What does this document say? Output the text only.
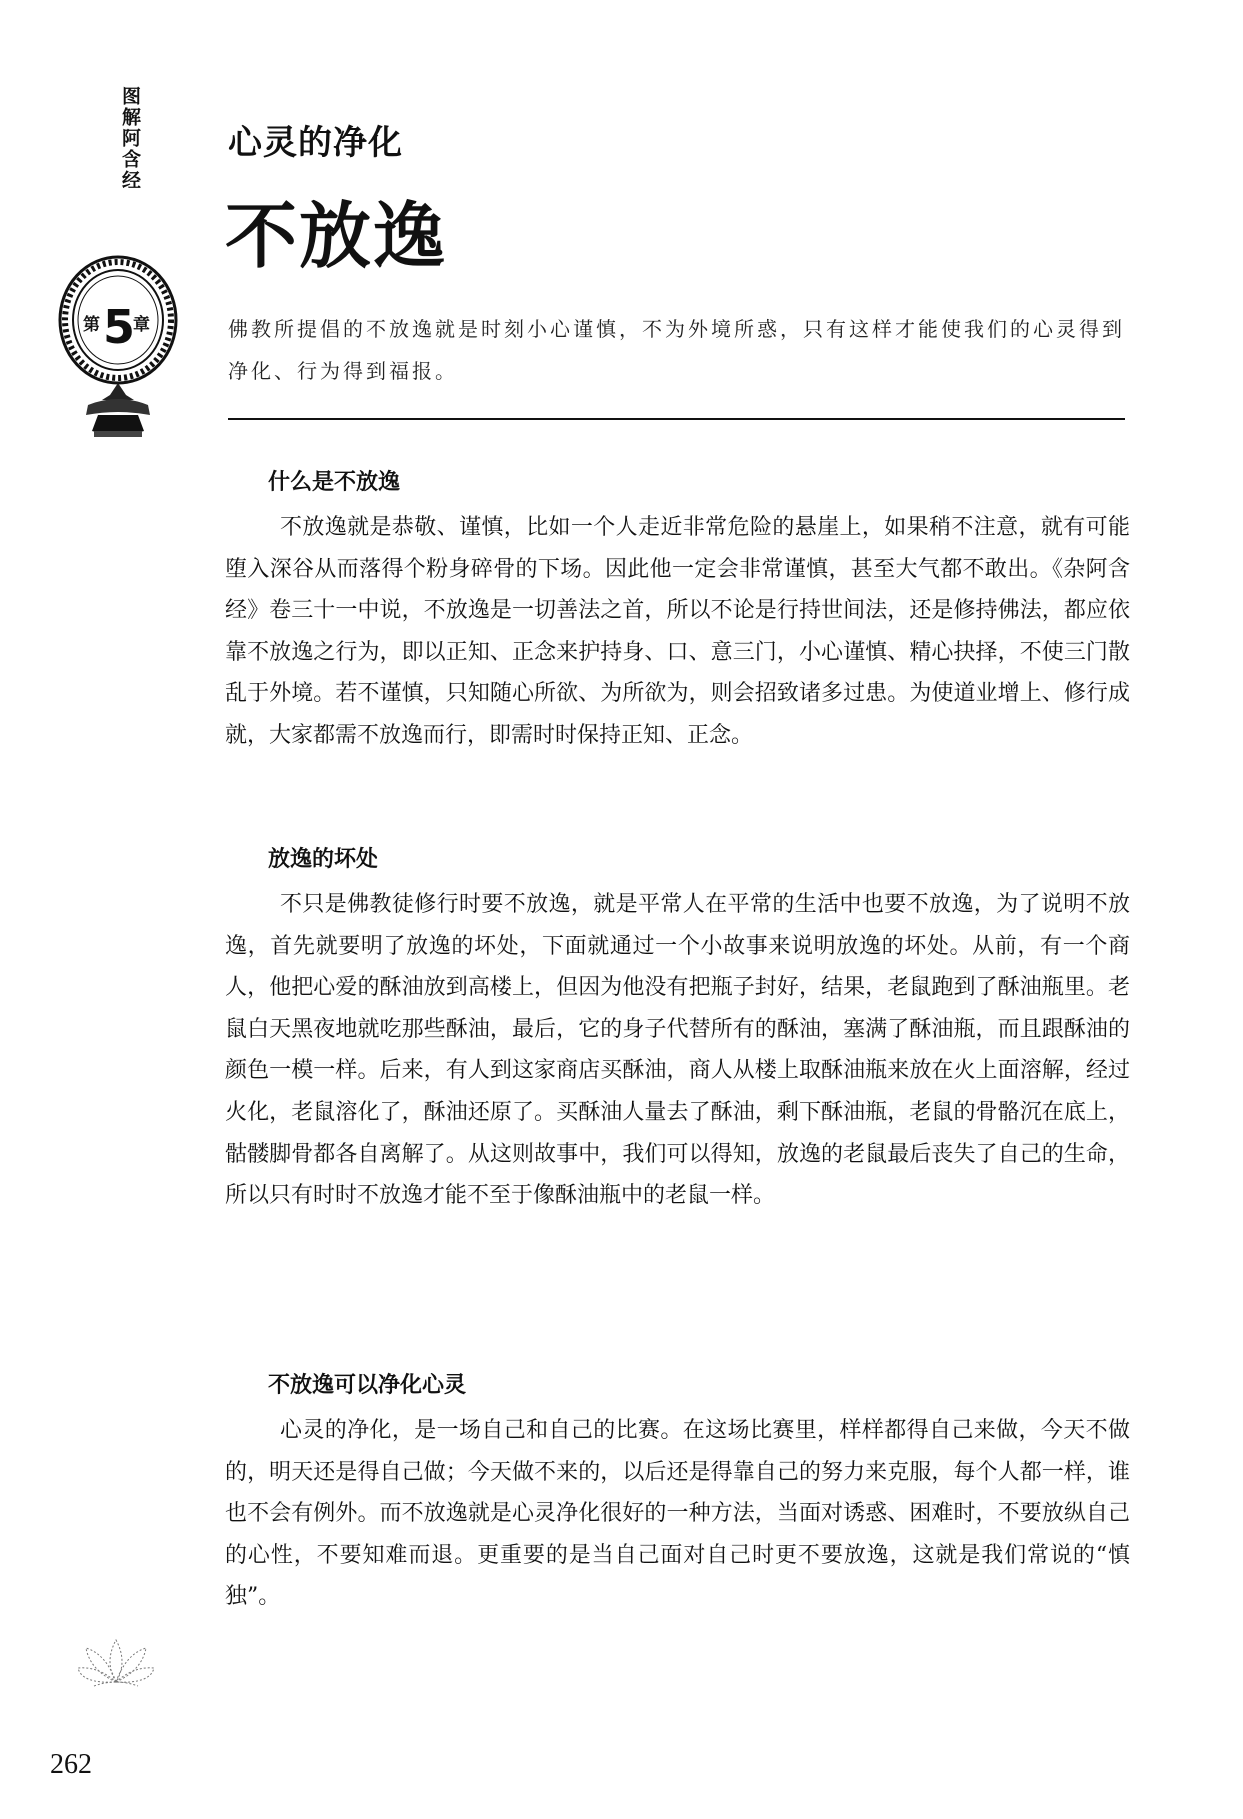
图解阿含经
第 5
章
心灵的净化
不放逸
佛教所提倡的不放逸就是时刻小心谨慎，不为外境所惑，只有这样才能使我们的心灵得到净化、行为得到福报。
什么是不放逸

不放逸就是恭敬、谨慎，比如一个人走近非常危险的悬崖上，如果稍不注意，就有可能堕入深谷从而落得个粉身碎骨的下场。因此他一定会非常谨慎，甚至大气都不敢出。《杂阿含经》卷三十一中说，不放逸是一切善法之首，所以不论是行持世间法，还是修持佛法，都应依靠不放逸之行为，即以正知、正念来护持身、口、意三门，小心谨慎、精心抉择，不使三门散乱于外境。若不谨慎，只知随心所欲、为所欲为，则会招致诸多过患。为使道业增上、修行成就，大家都需不放逸而行，即需时时保持正知、正念。

放逸的坏处

不只是佛教徒修行时要不放逸，就是平常人在平常的生活中也要不放逸，为了说明不放逸，首先就要明了放逸的坏处，下面就通过一个小故事来说明放逸的坏处。从前，有一个商人，他把心爱的酥油放到高楼上，但因为他没有把瓶子封好，结果，老鼠跑到了酥油瓶里。老鼠白天黑夜地就吃那些酥油，最后，它的身子代替所有的酥油，塞满了酥油瓶，而且跟酥油的颜色一模一样。后来，有人到这家商店买酥油，商人从楼上取酥油瓶来放在火上面溶解，经过火化，老鼠溶化了，酥油还原了。买酥油人量去了酥油，剩下酥油瓶，老鼠的骨骼沉在底上，骷髅脚骨都各自离解了。从这则故事中，我们可以得知，放逸的老鼠最后丧失了自己的生命，所以只有时时不放逸才能不至于像酥油瓶中的老鼠一样。

不放逸可以净化心灵

心灵的净化，是一场自己和自己的比赛。在这场比赛里，样样都得自己来做，今天不做的，明天还是得自己做；今天做不来的，以后还是得靠自己的努力来克服，每个人都一样，谁也不会有例外。而不放逸就是心灵净化很好的一种方法，当面对诱惑、困难时，不要放纵自己的心性，不要知难而退。更重要的是当自己面对自己时更不要放逸，这就是我们常说的“慎独”。

262
